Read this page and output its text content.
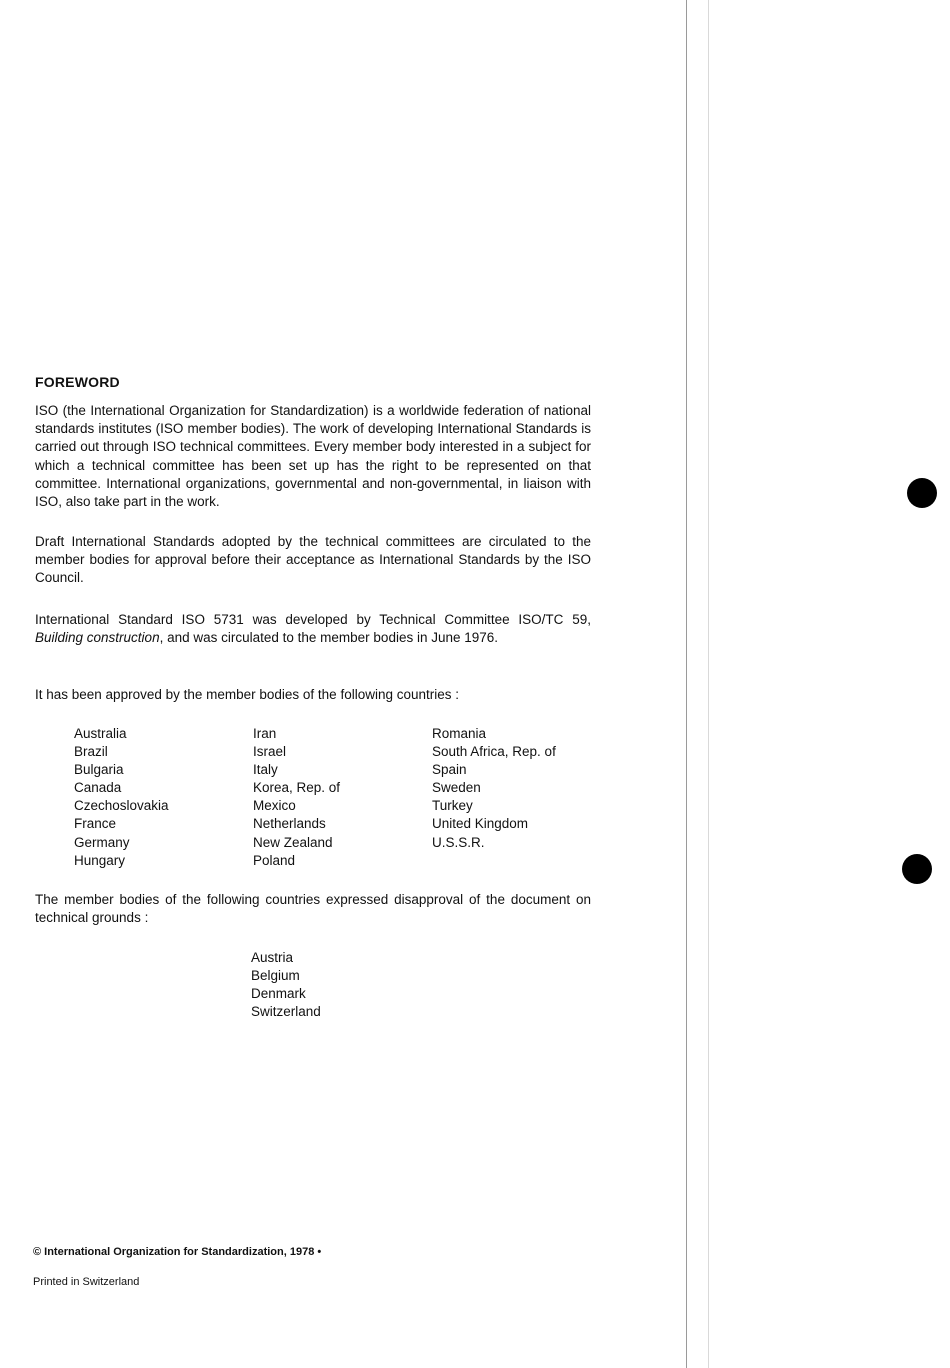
FOREWORD

ISO (the International Organization for Standardization) is a worldwide federation of national standards institutes (ISO member bodies). The work of developing International Standards is carried out through ISO technical committees. Every member body interested in a subject for which a technical committee has been set up has the right to be represented on that committee. International organizations, governmental and non-governmental, in liaison with ISO, also take part in the work.

Draft International Standards adopted by the technical committees are circulated to the member bodies for approval before their acceptance as International Standards by the ISO Council.

International Standard ISO 5731 was developed by Technical Committee ISO/TC 59, Building construction, and was circulated to the member bodies in June 1976.

It has been approved by the member bodies of the following countries :

Australia
Brazil
Bulgaria
Canada
Czechoslovakia
France
Germany
Hungary
Iran
Israel
Italy
Korea, Rep. of
Mexico
Netherlands
New Zealand
Poland
Romania
South Africa, Rep. of
Spain
Sweden
Turkey
United Kingdom
U.S.S.R.

The member bodies of the following countries expressed disapproval of the document on technical grounds :

Austria
Belgium
Denmark
Switzerland
© International Organization for Standardization, 1978 •
Printed in Switzerland
